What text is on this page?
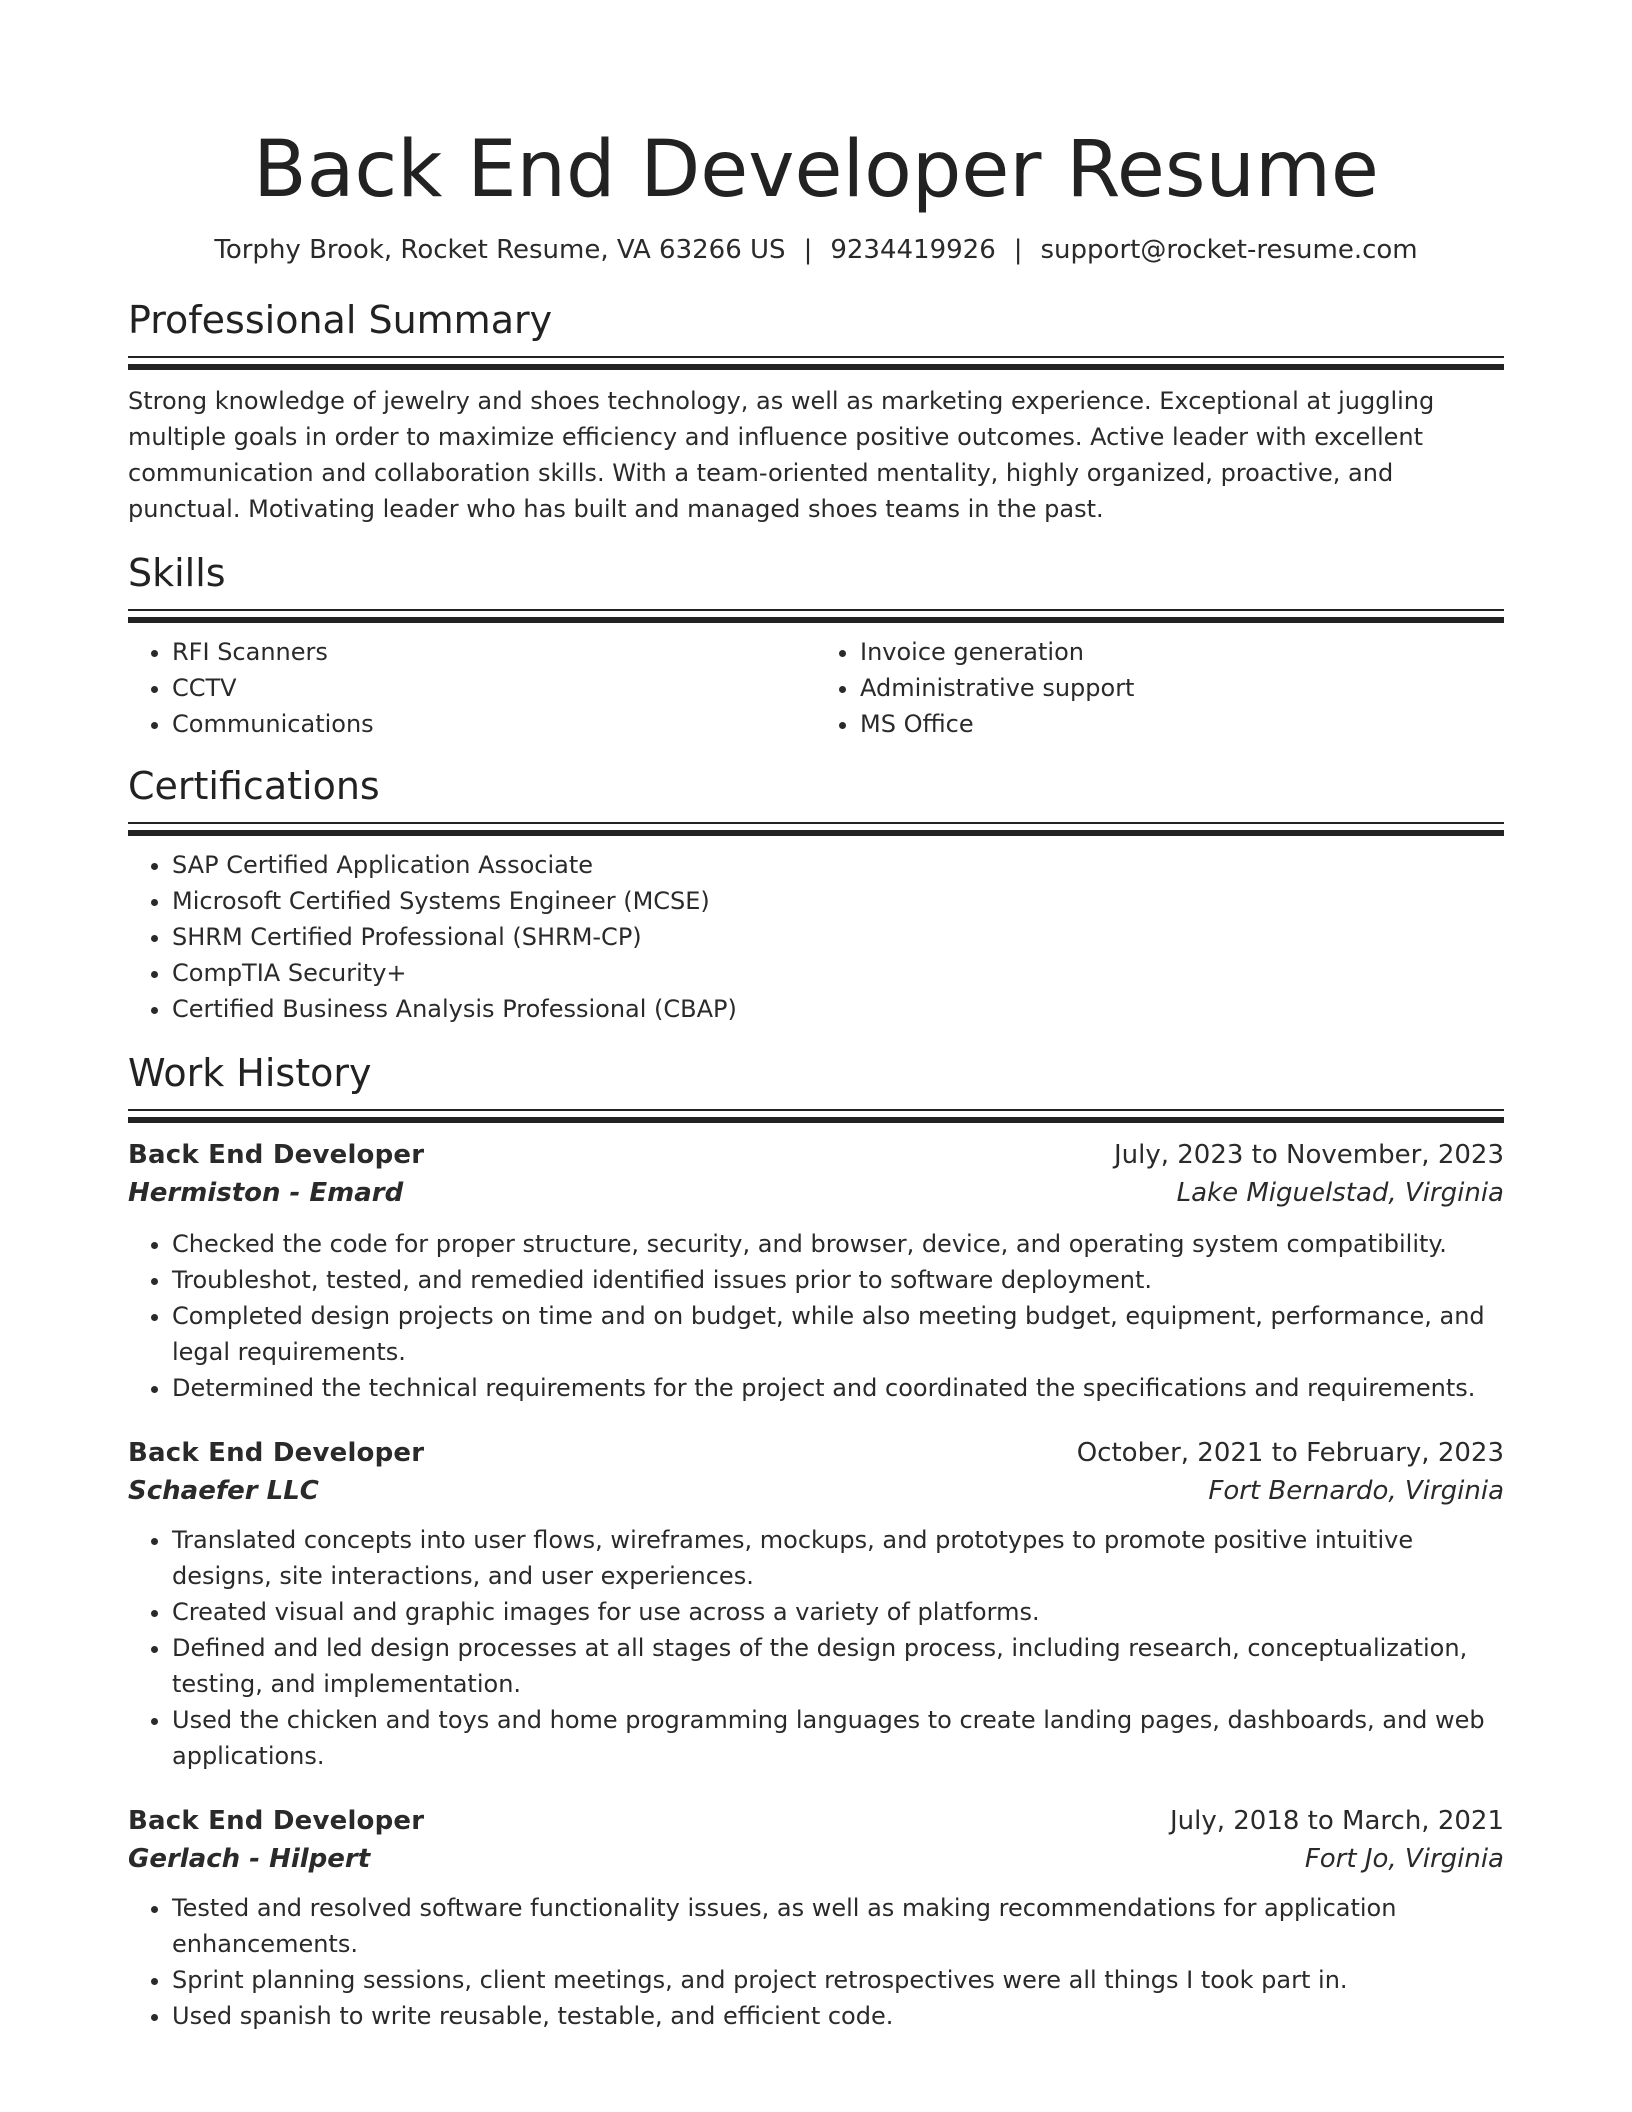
Back End Developer Resume
Torphy Brook, Rocket Resume, VA 63266 US | 9234419926 | support@rocket-resume.com
Professional Summary

Strong knowledge of jewelry and shoes technology, as well as marketing experience. Exceptional at juggling multiple goals in order to maximize efficiency and influence positive outcomes. Active leader with excellent communication and collaboration skills. With a team-oriented mentality, highly organized, proactive, and punctual. Motivating leader who has built and managed shoes teams in the past.

Skills
• RFI Scanners
• CCTV
• Communications
• Invoice generation
• Administrative support
• MS Office
Certifications
• SAP Certified Application Associate
• Microsoft Certified Systems Engineer (MCSE)
• SHRM Certified Professional (SHRM-CP)
• CompTIA Security+
• Certified Business Analysis Professional (CBAP)
Work History
Back End Developer	July, 2023 to November, 2023
Hermiston - Emard	Lake Miguelstad, Virginia
• Checked the code for proper structure, security, and browser, device, and operating system compatibility.
• Troubleshot, tested, and remedied identified issues prior to software deployment.
• Completed design projects on time and on budget, while also meeting budget, equipment, performance, and legal requirements.
• Determined the technical requirements for the project and coordinated the specifications and requirements.
Back End Developer	October, 2021 to February, 2023
Schaefer LLC	Fort Bernardo, Virginia
• Translated concepts into user flows, wireframes, mockups, and prototypes to promote positive intuitive designs, site interactions, and user experiences.
• Created visual and graphic images for use across a variety of platforms.
• Defined and led design processes at all stages of the design process, including research, conceptualization, testing, and implementation.
• Used the chicken and toys and home programming languages to create landing pages, dashboards, and web applications.
Back End Developer	July, 2018 to March, 2021
Gerlach - Hilpert	Fort Jo, Virginia
• Tested and resolved software functionality issues, as well as making recommendations for application enhancements.
• Sprint planning sessions, client meetings, and project retrospectives were all things I took part in.
• Used spanish to write reusable, testable, and efficient code.
